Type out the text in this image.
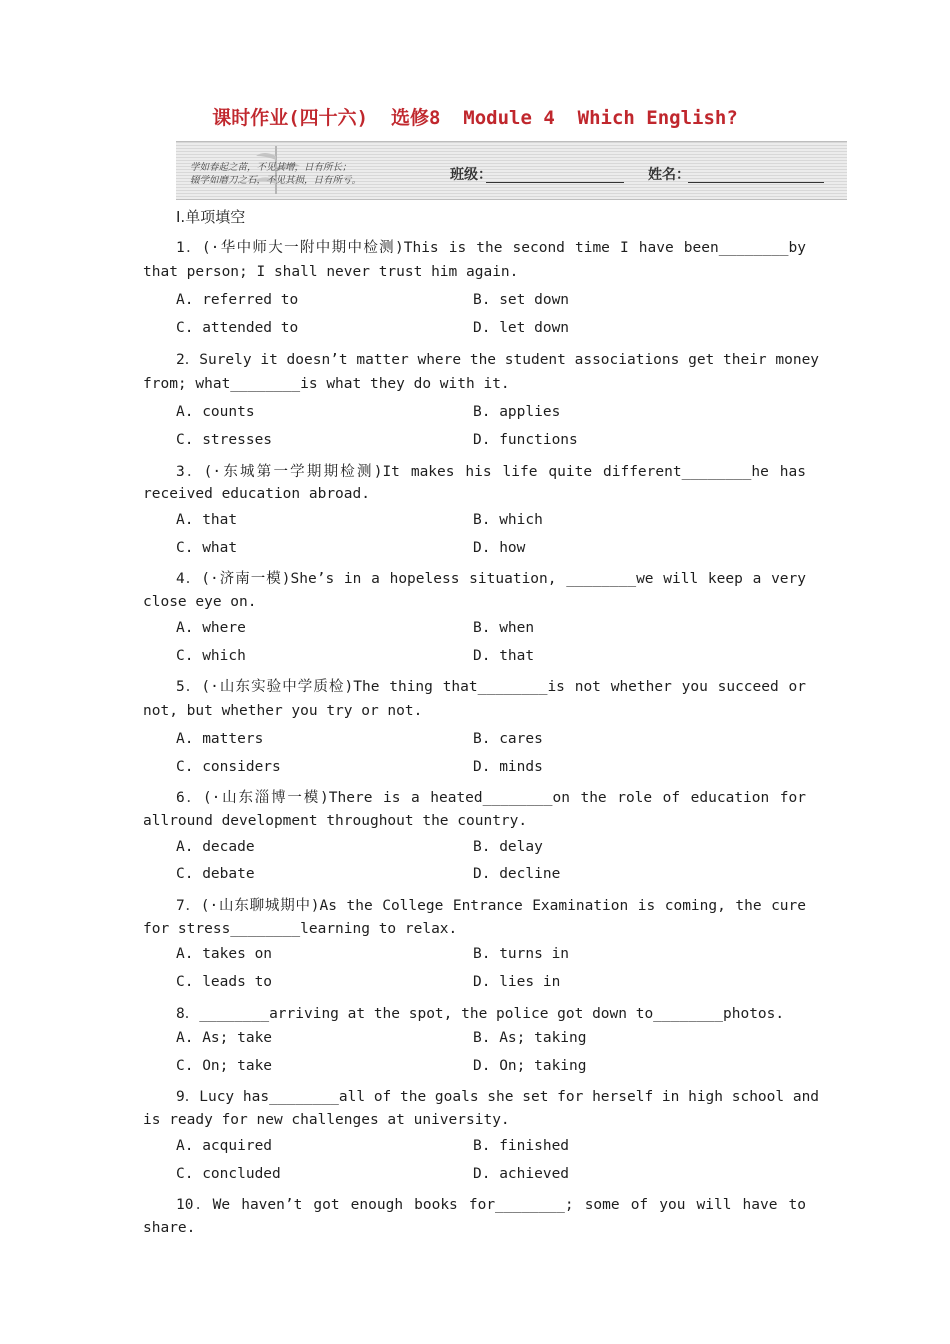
课时作业(四十六)  选修8  Module 4  Which English?
学如春起之苗，不见其增，日有所长；
辍学如磨刀之石，不见其损，日有所亏。	班级：	姓名：
Ⅰ.单项填空
1．(·华中师大一附中期中检测)This is the second time I have been________by
that person; I shall never trust him again.
A. referred to	B. set down
C. attended to	D. let down
2．Surely it doesn’t matter where the student associations get their money
from; what________is what they do with it.
A. counts	B. applies
C. stresses	D. functions
3．(·东城第一学期期检测)It makes his life quite different________he has
received education abroad.
A. that	B. which
C. what	D. how
4．(·济南一模)She’s in a hopeless situation, ________we will keep a very
close eye on.
A. where	B. when
C. which	D. that
5．(·山东实验中学质检)The thing that________is not whether you succeed or
not, but whether you try or not.
A. matters	B. cares
C. considers	D. minds
6．(·山东淄博一模)There is a heated________on the role of education for
allround development throughout the country.
A. decade	B. delay
C. debate	D. decline
7．(·山东聊城期中)As the College Entrance Examination is coming, the cure
for stress________learning to relax.
A. takes on	B. turns in
C. leads to	D. lies in
8．________arriving at the spot, the police got down to________photos.
A. As; take	B. As; taking
C. On; take	D. On; taking
9．Lucy has________all of the goals she set for herself in high school and
is ready for new challenges at university.
A. acquired	B. finished
C. concluded	D. achieved
10．We haven’t got enough books for________; some of you will have to
share.
